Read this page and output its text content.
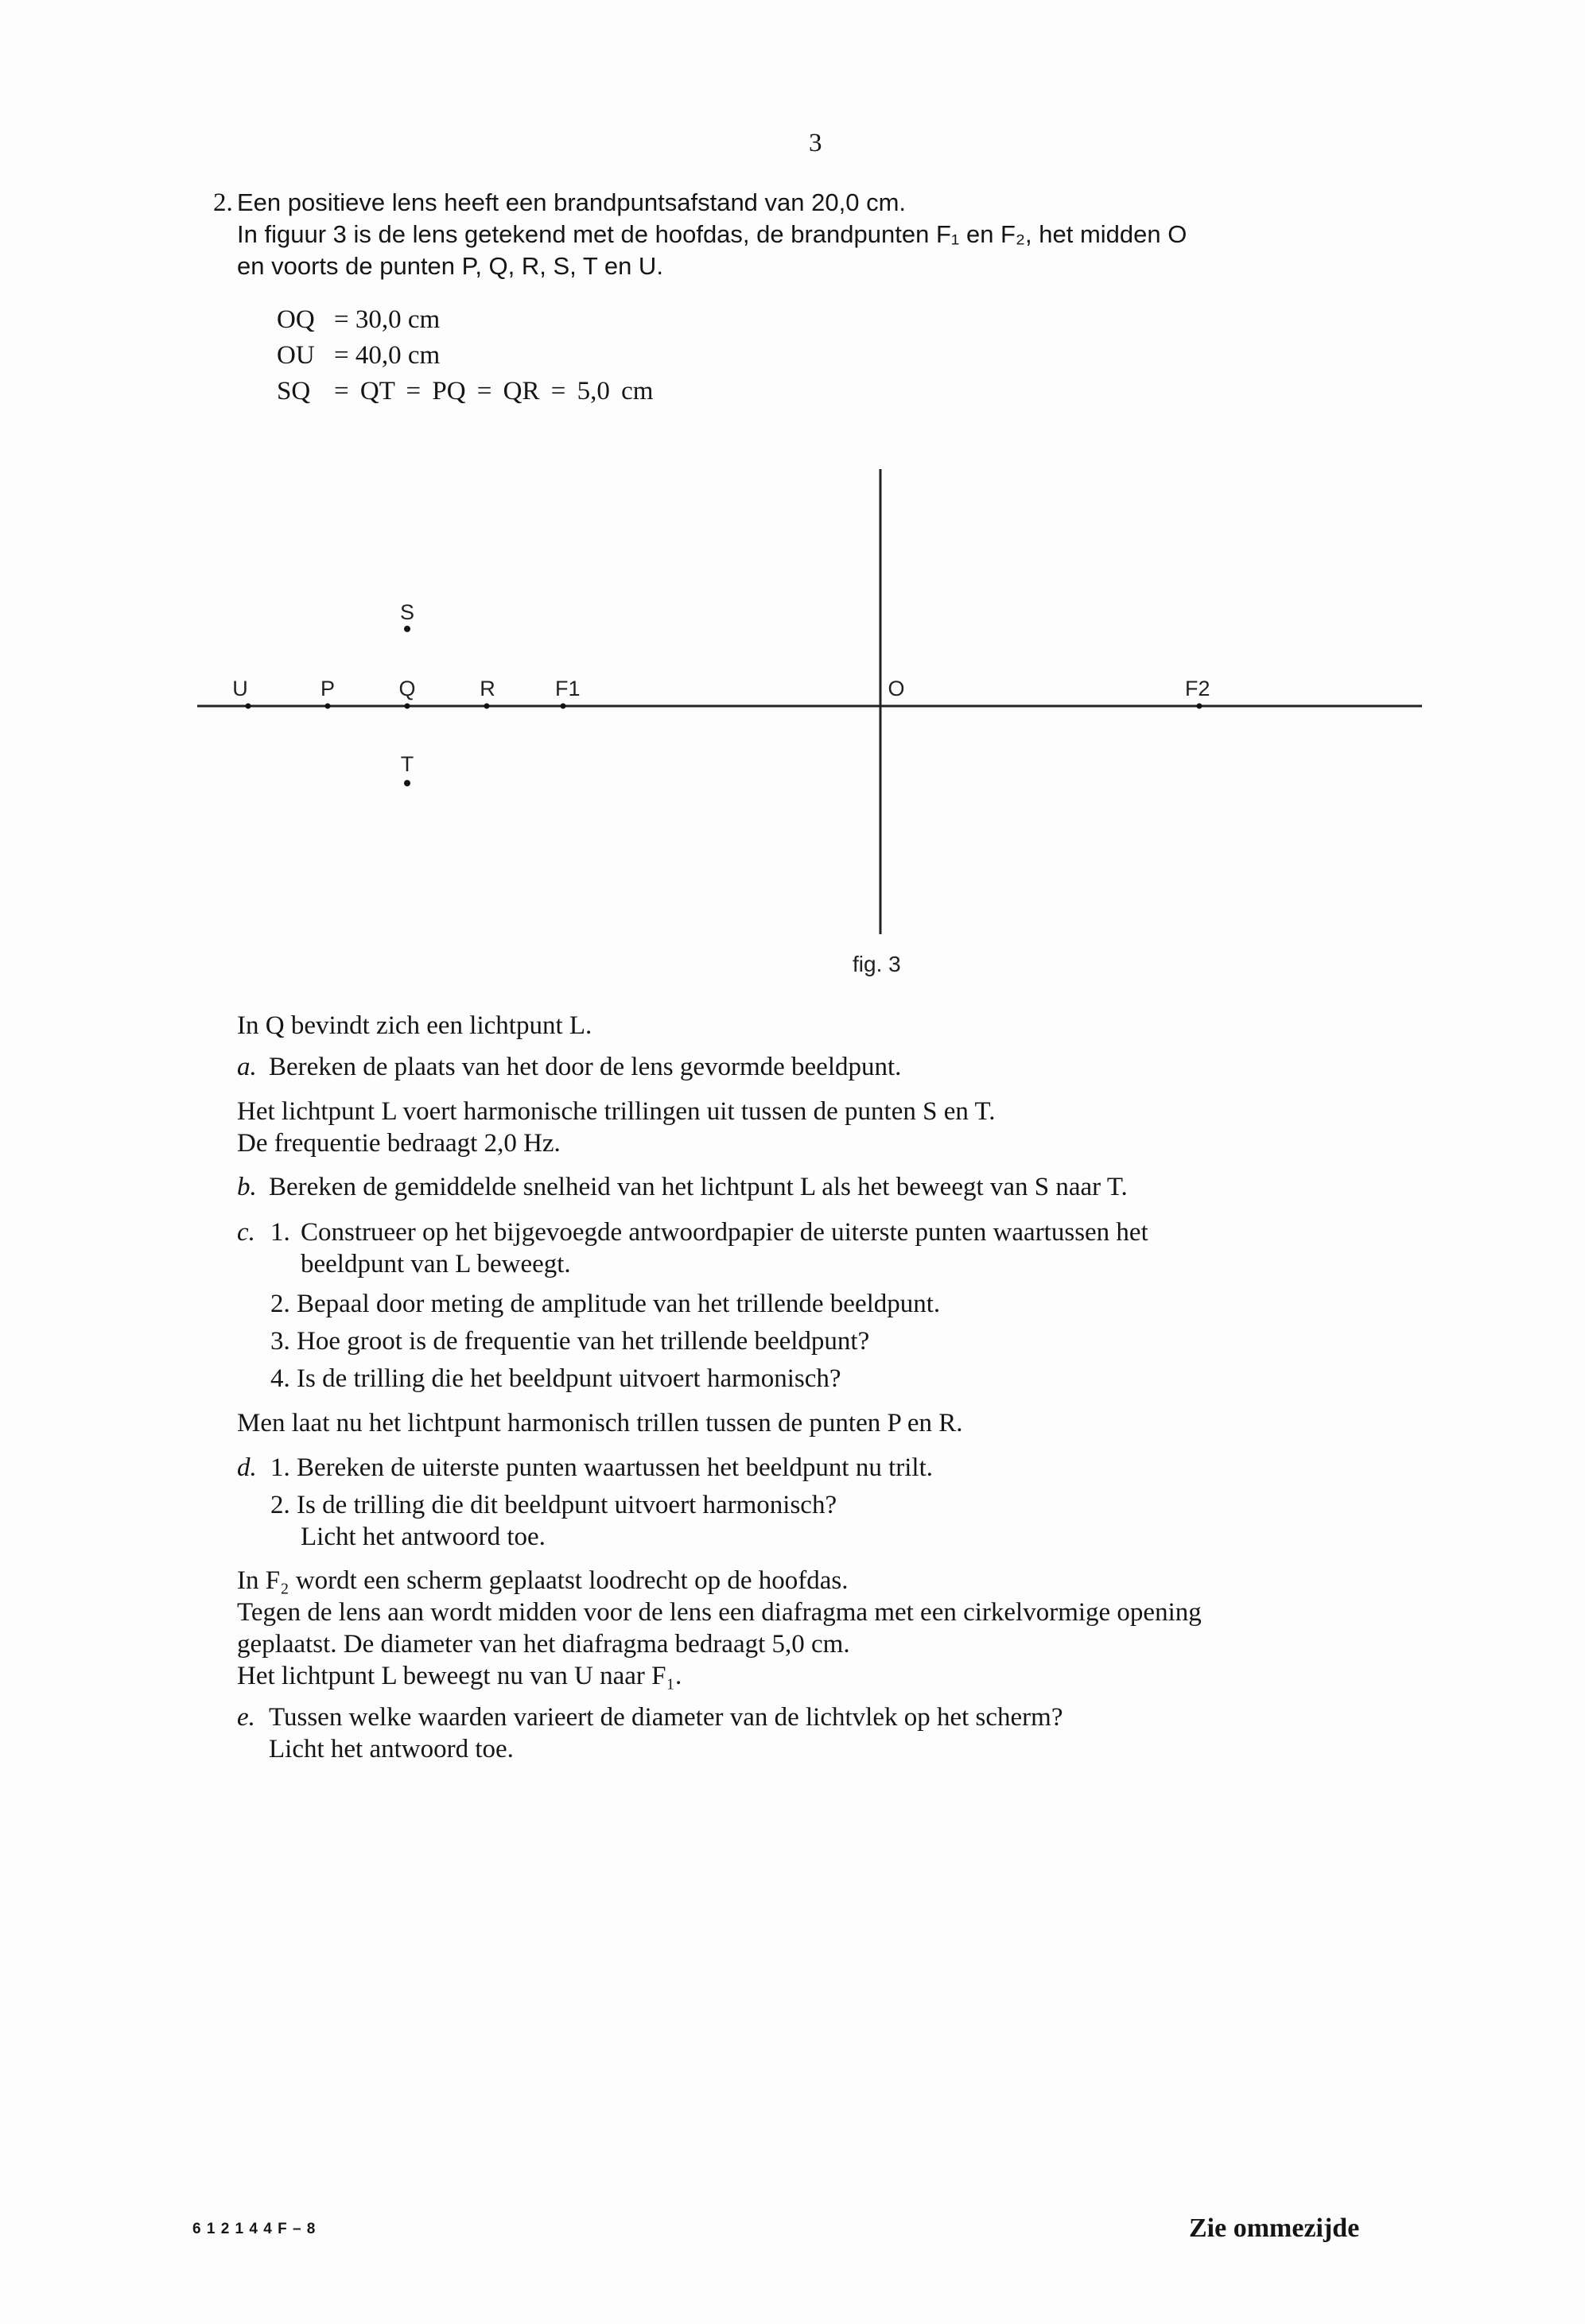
3
2. Een positieve lens heeft een brandpuntsafstand van 20,0 cm.
In figuur 3 is de lens getekend met de hoofdas, de brandpunten F₁ en F₂, het midden O
en voorts de punten P, Q, R, S, T en U.
OQ = 30,0 cm
OU = 40,0 cm
SQ = QT = PQ = QR = 5,0 cm
U	P	Q	R	F1	O	F2
S
T
fig. 3
In Q bevindt zich een lichtpunt L.
a. Bereken de plaats van het door de lens gevormde beeldpunt.
Het lichtpunt L voert harmonische trillingen uit tussen de punten S en T.
De frequentie bedraagt 2,0 Hz.
b. Bereken de gemiddelde snelheid van het lichtpunt L als het beweegt van S naar T.
c. 1. Construeer op het bijgevoegde antwoordpapier de uiterste punten waartussen het
beeldpunt van L beweegt.
2. Bepaal door meting de amplitude van het trillende beeldpunt.
3. Hoe groot is de frequentie van het trillende beeldpunt?
4. Is de trilling die het beeldpunt uitvoert harmonisch?
Men laat nu het lichtpunt harmonisch trillen tussen de punten P en R.
d. 1. Bereken de uiterste punten waartussen het beeldpunt nu trilt.
2. Is de trilling die dit beeldpunt uitvoert harmonisch?
Licht het antwoord toe.
In F₂ wordt een scherm geplaatst loodrecht op de hoofdas.
Tegen de lens aan wordt midden voor de lens een diafragma met een cirkelvormige opening
geplaatst. De diameter van het diafragma bedraagt 5,0 cm.
Het lichtpunt L beweegt nu van U naar F₁.
e. Tussen welke waarden varieert de diameter van de lichtvlek op het scherm?
Licht het antwoord toe.
6 1 2 1 4 4 F – 8	Zie ommezijde
